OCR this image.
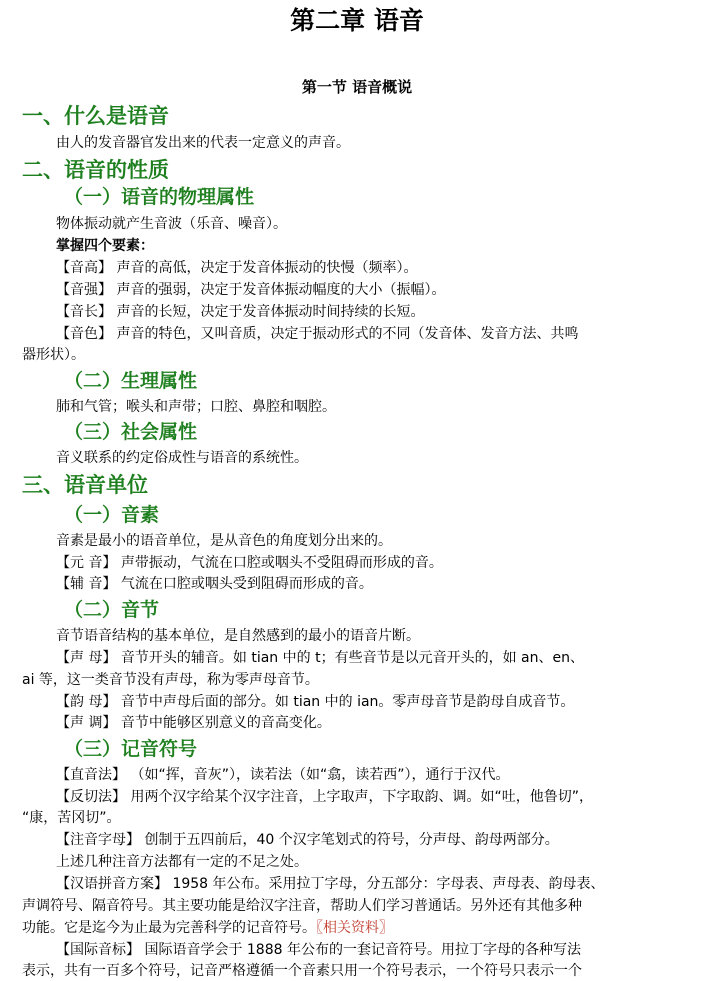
第二章 语音
第一节 语音概说
一、什么是语音
由人的发音器官发出来的代表一定意义的声音。
二、语音的性质
（一）语音的物理属性
物体振动就产生音波（乐音、噪音）。
掌握四个要素：
【音高】 声音的高低，决定于发音体振动的快慢（频率）。
【音强】 声音的强弱，决定于发音体振动幅度的大小（振幅）。
【音长】 声音的长短，决定于发音体振动时间持续的长短。
【音色】 声音的特色，又叫音质，决定于振动形式的不同（发音体、发音方法、共鸣
器形状）。
（二）生理属性
肺和气管；喉头和声带；口腔、鼻腔和咽腔。
（三）社会属性
音义联系的约定俗成性与语音的系统性。
三、语音单位
（一）音素
音素是最小的语音单位，是从音色的角度划分出来的。
【元 音】 声带振动，气流在口腔或咽头不受阻碍而形成的音。
【辅 音】 气流在口腔或咽头受到阻碍而形成的音。
（二）音节
音节语音结构的基本单位，是自然感到的最小的语音片断。
【声 母】 音节开头的辅音。如 tian 中的 t；有些音节是以元音开头的，如 an、en、
ai 等，这一类音节没有声母，称为零声母音节。
【韵 母】 音节中声母后面的部分。如 tian 中的 ian。零声母音节是韵母自成音节。
【声 调】 音节中能够区别意义的音高变化。
（三）记音符号
【直音法】 （如“挥，音灰”），读若法（如“翕，读若西”），通行于汉代。
【反切法】 用两个汉字给某个汉字注音，上字取声，下字取韵、调。如“吐，他鲁切”，
“康，苦冈切”。
【注音字母】 创制于五四前后，40 个汉字笔划式的符号，分声母、韵母两部分。
上述几种注音方法都有一定的不足之处。
【汉语拼音方案】 1958 年公布。采用拉丁字母，分五部分：字母表、声母表、韵母表、
声调符号、隔音符号。其主要功能是给汉字注音，帮助人们学习普通话。另外还有其他多种
功能。它是迄今为止最为完善科学的记音符号。〖相关资料〗
【国际音标】 国际语音学会于 1888 年公布的一套记音符号。用拉丁字母的各种写法
表示，共有一百多个符号，记音严格遵循一个音素只用一个符号表示，一个符号只表示一个
